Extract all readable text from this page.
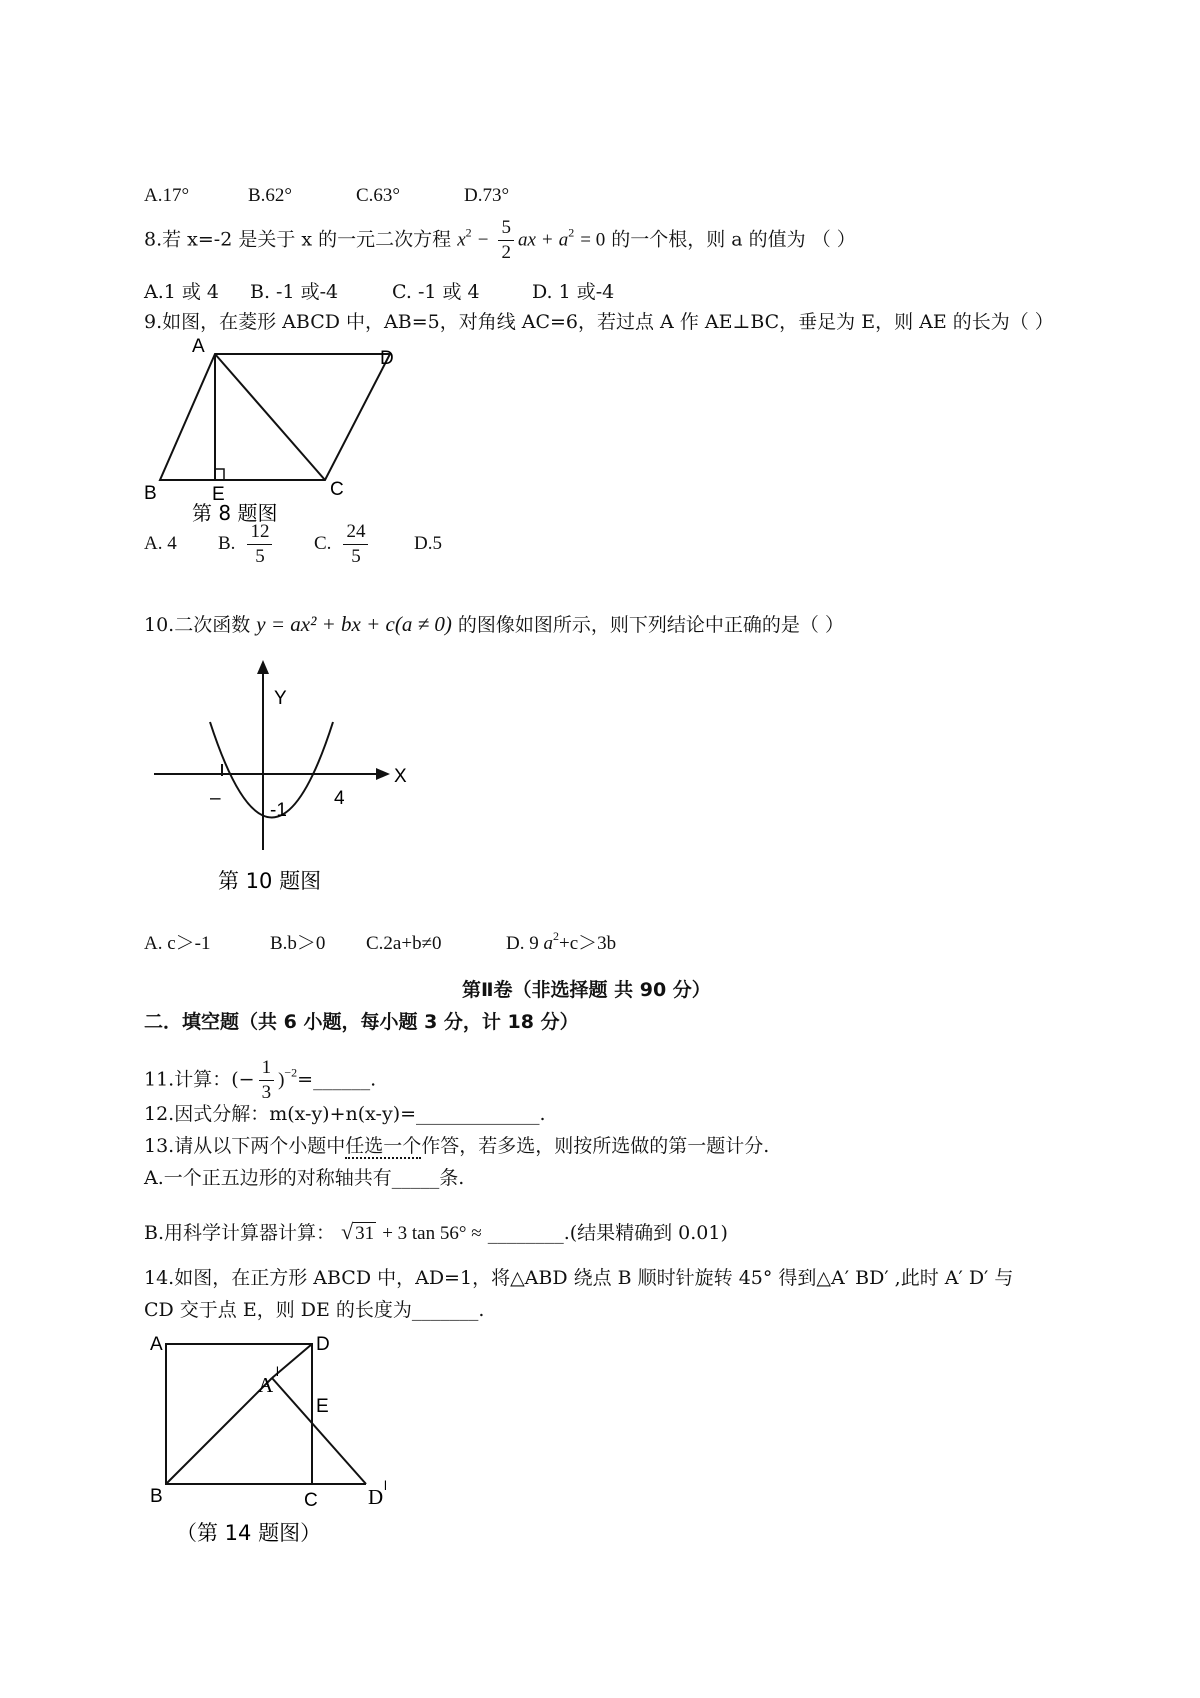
A.17°	B.62°	C.63°	D.73°
8.若 x=-2 是关于 x 的一元二次方程 $x^2 - \frac{5}{2}$ ax + $a^2 = 0$ 的一个根，则 a 的值为 （ ）
A.1 或 4 B. -1 或-4	C. -1 或 4	D. 1 或-4
9.如图，在菱形 ABCD 中，AB=5，对角线 AC=6，若过点 A 作 AE⊥BC，垂足为 E，则 AE 的长为（ ）
A
D
B	E	C
第 8 题图
A. 4 B. $\frac{12}{5} C$. $\frac{24}{5} D.5$
10.二次函数 y = ax² + bx + c(a ≠ 0) 的图像如图所示，则下列结论中正确的是（ ）
Y
X
–
-1
4
第 10 题图
A. c＞-1	B.b＞0 C.2a+b≠0	D. 9 $a^2+c>3b$
第Ⅱ卷（非选择题 共 90 分）
二．填空题（共 6 小题，每小题 3 分，计 18 分）
11.计算：(− $\frac{1}{3}$ )$^{-2}$=______.
12.因式分解：m(x-y)+n(x-y)=_____________.
13.请从以下两个小题中任选一个作答，若多选，则按所选做的第一题计分.
A.一个正五边形的对称轴共有_____条.
B.用科学计算器计算： √ 31 + 3 tan 56° ≈ ________.(结果精确到 0.01)
14.如图，在正方形 ABCD 中，AD=1，将△ABD 绕点 B 顺时针旋转 45° 得到△A′ BD′ ,此时 A′ D′ 与
CD 交于点 E，则 DE 的长度为_______.
A	D
A
l
E
B	C D l
（第 14 题图）
